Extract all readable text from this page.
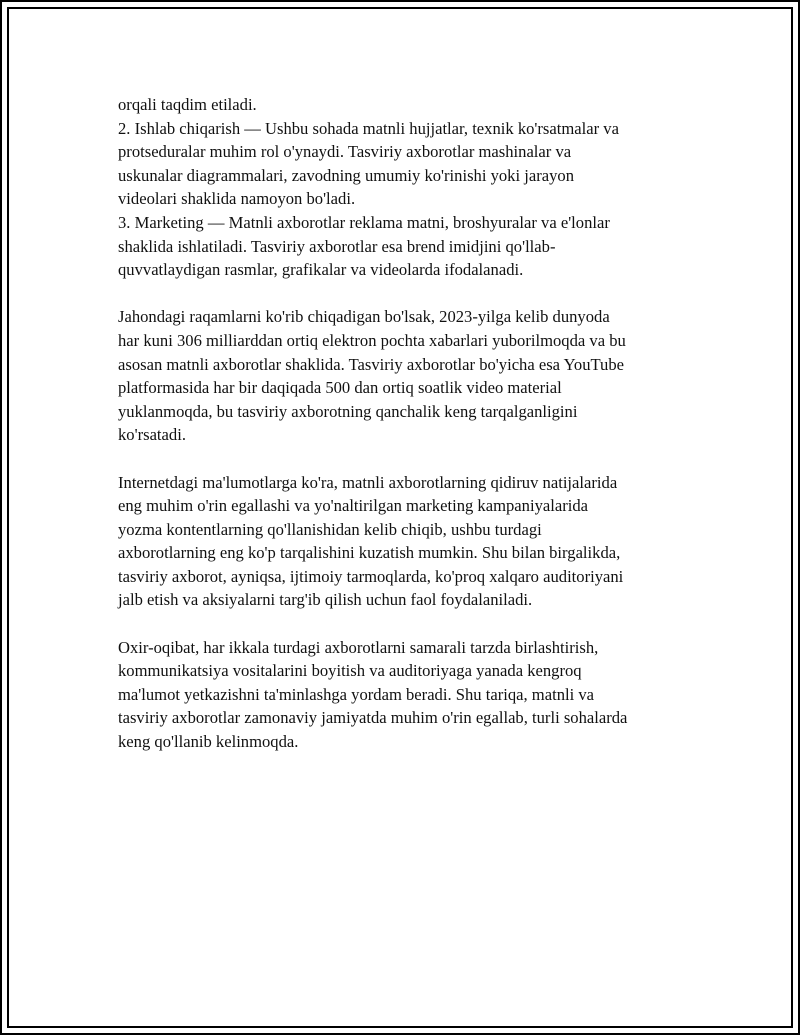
orqali taqdim etiladi.

2. Ishlab chiqarish — Ushbu sohada matnli hujjatlar, texnik ko'rsatmalar va

protseduralar muhim rol o'ynaydi. Tasviriy axborotlar mashinalar va

uskunalar diagrammalari, zavodning umumiy ko'rinishi yoki jarayon

videolari shaklida namoyon bo'ladi.

3. Marketing — Matnli axborotlar reklama matni, broshyuralar va e'lonlar

shaklida ishlatiladi. Tasviriy axborotlar esa brend imidjini qo'llab-

quvvatlaydigan rasmlar, grafikalar va videolarda ifodalanadi.

Jahondagi raqamlarni ko'rib chiqadigan bo'lsak, 2023-yilga kelib dunyoda

har kuni 306 milliarddan ortiq elektron pochta xabarlari yuborilmoqda va bu

asosan matnli axborotlar shaklida. Tasviriy axborotlar bo'yicha esa YouTube

platformasida har bir daqiqada 500 dan ortiq soatlik video material

yuklanmoqda, bu tasviriy axborotning qanchalik keng tarqalganligini

ko'rsatadi.

Internetdagi ma'lumotlarga ko'ra, matnli axborotlarning qidiruv natijalarida

eng muhim o'rin egallashi va yo'naltirilgan marketing kampaniyalarida

yozma kontentlarning qo'llanishidan kelib chiqib, ushbu turdagi

axborotlarning eng ko'p tarqalishini kuzatish mumkin. Shu bilan birgalikda,

tasviriy axborot, ayniqsa, ijtimoiy tarmoqlarda, ko'proq xalqaro auditoriyani

jalb etish va aksiyalarni targ'ib qilish uchun faol foydalaniladi.

Oxir-oqibat, har ikkala turdagi axborotlarni samarali tarzda birlashtirish,

kommunikatsiya vositalarini boyitish va auditoriyaga yanada kengroq

ma'lumot yetkazishni ta'minlashga yordam beradi. Shu tariqa, matnli va

tasviriy axborotlar zamonaviy jamiyatda muhim o'rin egallab, turli sohalarda

keng qo'llanib kelinmoqda.
